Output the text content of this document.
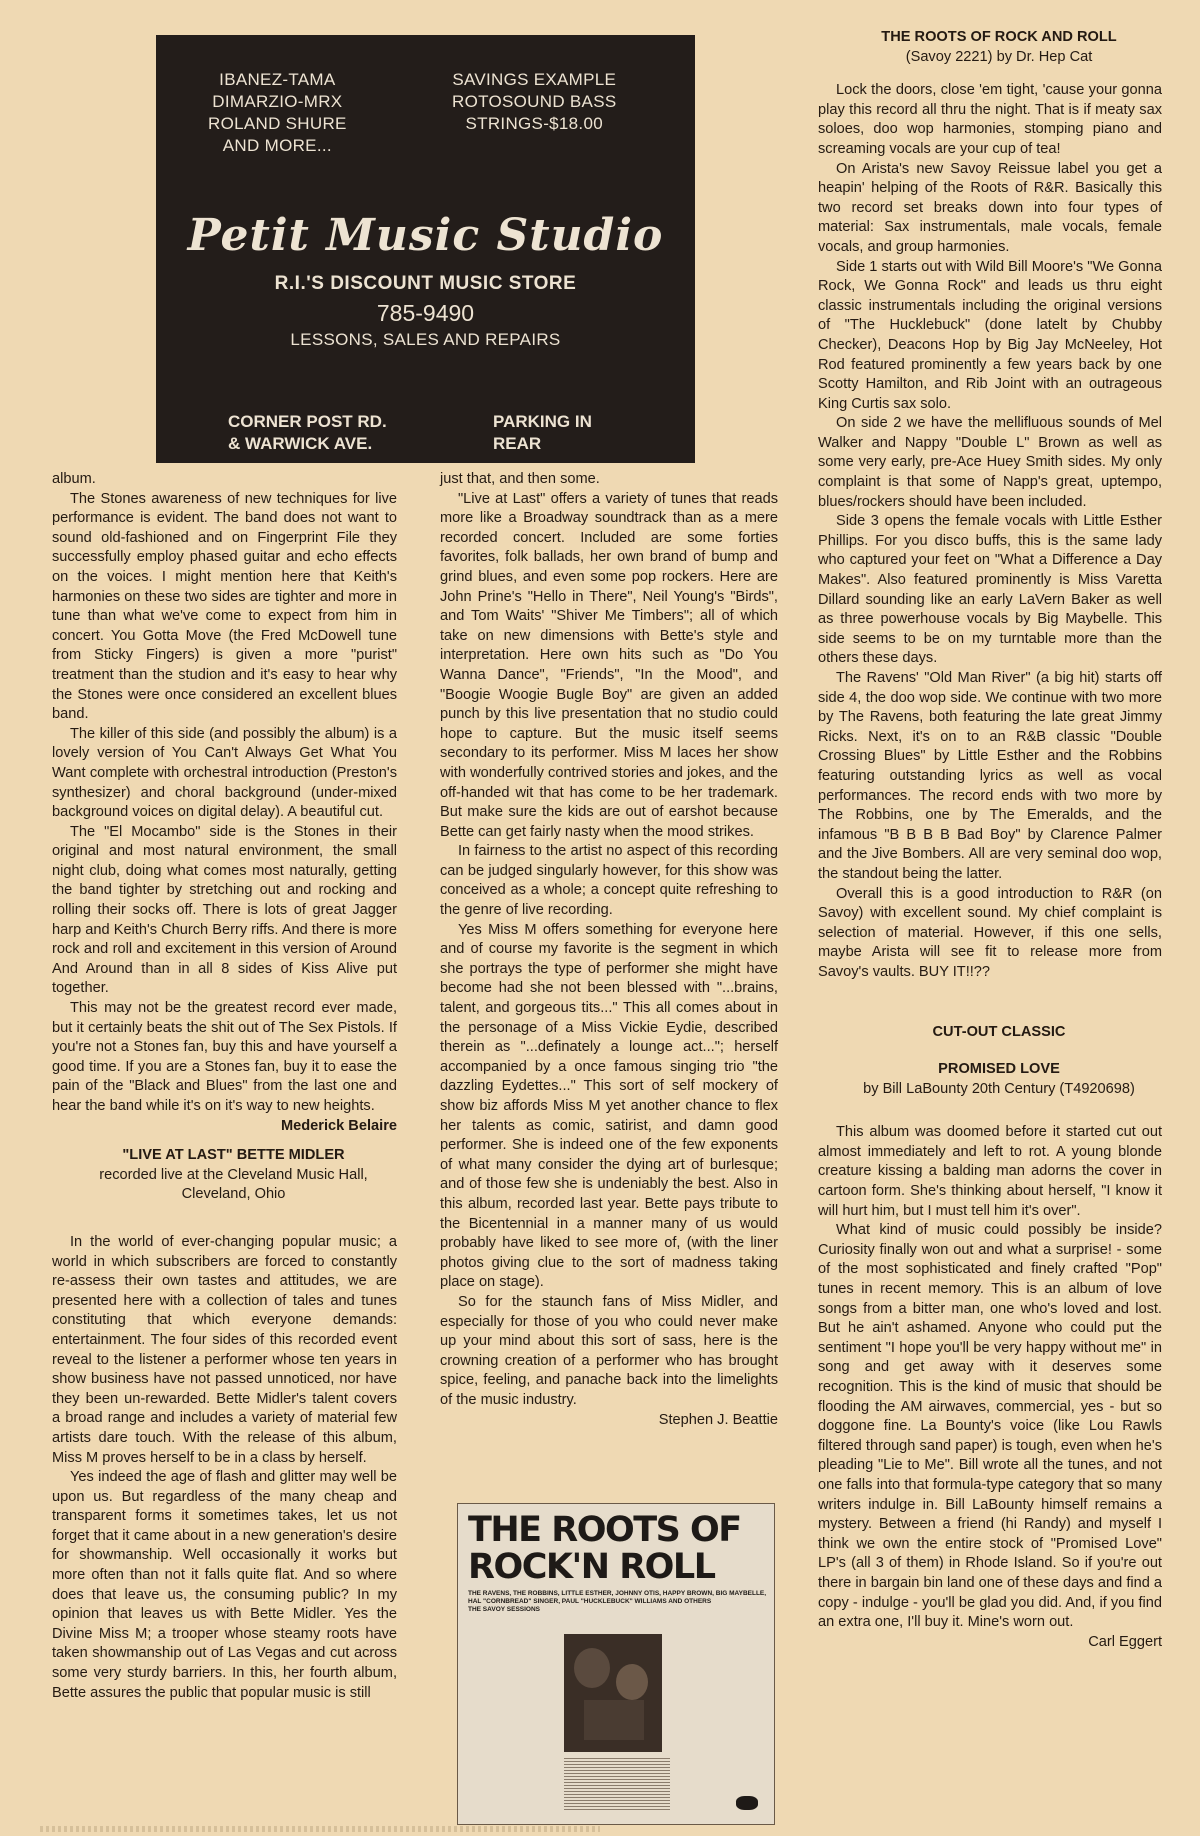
IBANEZ-TAMA
DIMARZIO-MRX
ROLAND SHURE
AND MORE...
SAVINGS EXAMPLE
ROTOSOUND BASS
STRINGS-$18.00
Petit Music Studio
R.I.'S DISCOUNT MUSIC STORE
785-9490
LESSONS, SALES AND REPAIRS
CORNER POST RD.
& WARWICK AVE.
PARKING IN
REAR

album.

The Stones awareness of new techniques for live performance is evident. The band does not want to sound old-fashioned and on Fingerprint File they successfully employ phased guitar and echo effects on the voices. I might mention here that Keith's harmonies on these two sides are tighter and more in tune than what we've come to expect from him in concert. You Gotta Move (the Fred McDowell tune from Sticky Fingers) is given a more "purist" treatment than the studion and it's easy to hear why the Stones were once considered an excellent blues band.

The killer of this side (and possibly the album) is a lovely version of You Can't Always Get What You Want complete with orchestral introduction (Preston's synthesizer) and choral background (under-mixed background voices on digital delay). A beautiful cut.

The "El Mocambo" side is the Stones in their original and most natural environment, the small night club, doing what comes most naturally, getting the band tighter by stretching out and rocking and rolling their socks off. There is lots of great Jagger harp and Keith's Church Berry riffs. And there is more rock and roll and excitement in this version of Around And Around than in all 8 sides of Kiss Alive put together.

This may not be the greatest record ever made, but it certainly beats the shit out of The Sex Pistols. If you're not a Stones fan, buy this and have yourself a good time. If you are a Stones fan, buy it to ease the pain of the "Black and Blues" from the last one and hear the band while it's on it's way to new heights.

Mederick Belaire

"LIVE AT LAST" BETTE MIDLER
recorded live at the Cleveland Music Hall,
Cleveland, Ohio

In the world of ever-changing popular music; a world in which subscribers are forced to constantly re-assess their own tastes and attitudes, we are presented here with a collection of tales and tunes constituting that which everyone demands: entertainment. The four sides of this recorded event reveal to the listener a performer whose ten years in show business have not passed unnoticed, nor have they been un-rewarded. Bette Midler's talent covers a broad range and includes a variety of material few artists dare touch. With the release of this album, Miss M proves herself to be in a class by herself.

Yes indeed the age of flash and glitter may well be upon us. But regardless of the many cheap and transparent forms it sometimes takes, let us not forget that it came about in a new generation's desire for showmanship. Well occasionally it works but more often than not it falls quite flat. And so where does that leave us, the consuming public? In my opinion that leaves us with Bette Midler. Yes the Divine Miss M; a trooper whose steamy roots have taken showmanship out of Las Vegas and cut across some very sturdy barriers. In this, her fourth album, Bette assures the public that popular music is still

just that, and then some.

"Live at Last" offers a variety of tunes that reads more like a Broadway soundtrack than as a mere recorded concert. Included are some forties favorites, folk ballads, her own brand of bump and grind blues, and even some pop rockers. Here are John Prine's "Hello in There", Neil Young's "Birds", and Tom Waits' "Shiver Me Timbers"; all of which take on new dimensions with Bette's style and interpretation. Here own hits such as "Do You Wanna Dance", "Friends", "In the Mood", and "Boogie Woogie Bugle Boy" are given an added punch by this live presentation that no studio could hope to capture. But the music itself seems secondary to its performer. Miss M laces her show with wonderfully contrived stories and jokes, and the off-handed wit that has come to be her trademark. But make sure the kids are out of earshot because Bette can get fairly nasty when the mood strikes.

In fairness to the artist no aspect of this recording can be judged singularly however, for this show was conceived as a whole; a concept quite refreshing to the genre of live recording.

Yes Miss M offers something for everyone here and of course my favorite is the segment in which she portrays the type of performer she might have become had she not been blessed with "...brains, talent, and gorgeous tits..." This all comes about in the personage of a Miss Vickie Eydie, described therein as "...definately a lounge act..."; herself accompanied by a once famous singing trio "the dazzling Eydettes..." This sort of self mockery of show biz affords Miss M yet another chance to flex her talents as comic, satirist, and damn good performer. She is indeed one of the few exponents of what many consider the dying art of burlesque; and of those few she is undeniably the best. Also in this album, recorded last year. Bette pays tribute to the Bicentennial in a manner many of us would probably have liked to see more of, (with the liner photos giving clue to the sort of madness taking place on stage).

So for the staunch fans of Miss Midler, and especially for those of you who could never make up your mind about this sort of sass, here is the crowning creation of a performer who has brought spice, feeling, and panache back into the limelights of the music industry.

Stephen J. Beattie

THE ROOTS OF ROCK'N ROLL
THE RAVENS, THE ROBBINS, LITTLE ESTHER, JOHNNY OTIS, HAPPY BROWN, BIG MAYBELLE, HAL "CORNBREAD" SINGER, PAUL "HUCKLEBUCK" WILLIAMS AND OTHERS
THE SAVOY SESSIONS

THE ROOTS OF ROCK AND ROLL
(Savoy 2221) by Dr. Hep Cat

Lock the doors, close 'em tight, 'cause your gonna play this record all thru the night. That is if meaty sax soloes, doo wop harmonies, stomping piano and screaming vocals are your cup of tea!

On Arista's new Savoy Reissue label you get a heapin' helping of the Roots of R&R. Basically this two record set breaks down into four types of material: Sax instrumentals, male vocals, female vocals, and group harmonies.

Side 1 starts out with Wild Bill Moore's "We Gonna Rock, We Gonna Rock" and leads us thru eight classic instrumentals including the original versions of "The Hucklebuck" (done latelt by Chubby Checker), Deacons Hop by Big Jay McNeeley, Hot Rod featured prominently a few years back by one Scotty Hamilton, and Rib Joint with an outrageous King Curtis sax solo.

On side 2 we have the mellifluous sounds of Mel Walker and Nappy "Double L" Brown as well as some very early, pre-Ace Huey Smith sides. My only complaint is that some of Napp's great, uptempo, blues/rockers should have been included.

Side 3 opens the female vocals with Little Esther Phillips. For you disco buffs, this is the same lady who captured your feet on "What a Difference a Day Makes". Also featured prominently is Miss Varetta Dillard sounding like an early LaVern Baker as well as three powerhouse vocals by Big Maybelle. This side seems to be on my turntable more than the others these days.

The Ravens' "Old Man River" (a big hit) starts off side 4, the doo wop side. We continue with two more by The Ravens, both featuring the late great Jimmy Ricks. Next, it's on to an R&B classic "Double Crossing Blues" by Little Esther and the Robbins featuring outstanding lyrics as well as vocal performances. The record ends with two more by The Robbins, one by The Emeralds, and the infamous "B B B B Bad Boy" by Clarence Palmer and the Jive Bombers. All are very seminal doo wop, the standout being the latter.

Overall this is a good introduction to R&R (on Savoy) with excellent sound. My chief complaint is selection of material. However, if this one sells, maybe Arista will see fit to release more from Savoy's vaults. BUY IT!!??

CUT-OUT CLASSIC

PROMISED LOVE
by Bill LaBounty 20th Century (T4920698)

This album was doomed before it started cut out almost immediately and left to rot. A young blonde creature kissing a balding man adorns the cover in cartoon form. She's thinking about herself, "I know it will hurt him, but I must tell him it's over".

What kind of music could possibly be inside? Curiosity finally won out and what a surprise! - some of the most sophisticated and finely crafted "Pop" tunes in recent memory. This is an album of love songs from a bitter man, one who's loved and lost. But he ain't ashamed. Anyone who could put the sentiment "I hope you'll be very happy without me" in song and get away with it deserves some recognition. This is the kind of music that should be flooding the AM airwaves, commercial, yes - but so doggone fine. La Bounty's voice (like Lou Rawls filtered through sand paper) is tough, even when he's pleading "Lie to Me". Bill wrote all the tunes, and not one falls into that formula-type category that so many writers indulge in. Bill LaBounty himself remains a mystery. Between a friend (hi Randy) and myself I think we own the entire stock of "Promised Love" LP's (all 3 of them) in Rhode Island. So if you're out there in bargain bin land one of these days and find a copy - indulge - you'll be glad you did. And, if you find an extra one, I'll buy it. Mine's worn out.

Carl Eggert
